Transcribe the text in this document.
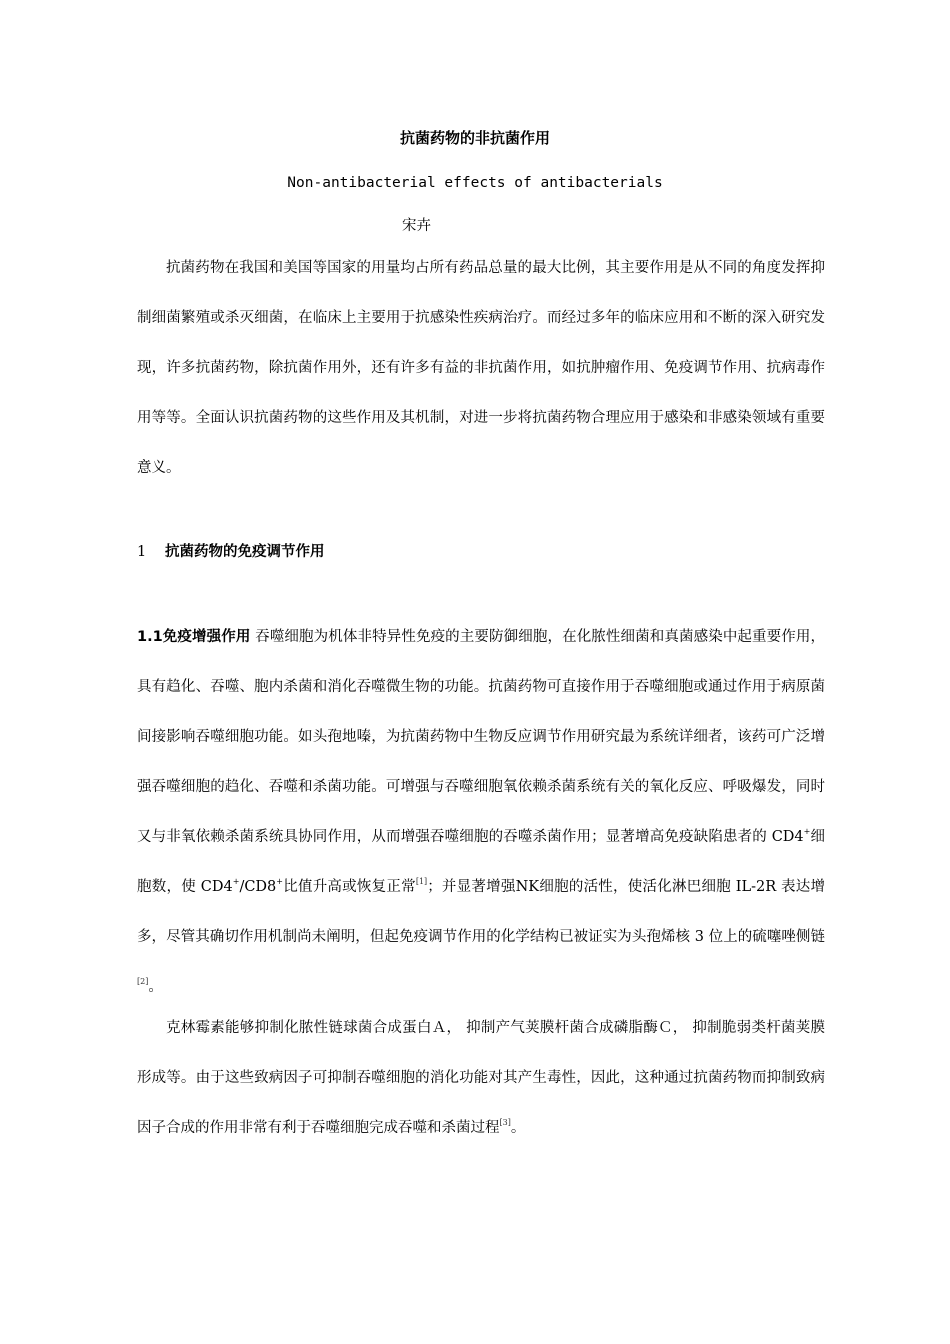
抗菌药物的非抗菌作用
Non-antibacterial effects of antibacterials
宋卉

抗菌药物在我国和美国等国家的用量均占所有药品总量的最大比例，其主要作用是从不同的角度发挥抑制细菌繁殖或杀灭细菌，在临床上主要用于抗感染性疾病治疗。而经过多年的临床应用和不断的深入研究发现，许多抗菌药物，除抗菌作用外，还有许多有益的非抗菌作用，如抗肿瘤作用、免疫调节作用、抗病毒作用等等。全面认识抗菌药物的这些作用及其机制，对进一步将抗菌药物合理应用于感染和非感染领域有重要意义。

1 抗菌药物的免疫调节作用

1.1免疫增强作用 吞噬细胞为机体非特异性免疫的主要防御细胞，在化脓性细菌和真菌感染中起重要作用，具有趋化、吞噬、胞内杀菌和消化吞噬微生物的功能。抗菌药物可直接作用于吞噬细胞或通过作用于病原菌间接影响吞噬细胞功能。如头孢地嗪，为抗菌药物中生物反应调节作用研究最为系统详细者，该药可广泛增强吞噬细胞的趋化、吞噬和杀菌功能。可增强与吞噬细胞氧依赖杀菌系统有关的氧化反应、呼吸爆发，同时又与非氧依赖杀菌系统具协同作用，从而增强吞噬细胞的吞噬杀菌作用；显著增高免疫缺陷患者的 CD4+细胞数，使 CD4+/CD8+比值升高或恢复正常[1]；并显著增强NK细胞的活性，使活化淋巴细胞 IL-2R 表达增多，尽管其确切作用机制尚未阐明，但起免疫调节作用的化学结构已被证实为头孢烯核 3 位上的硫噻唑侧链[2]。

克林霉素能够抑制化脓性链球菌合成蛋白Ａ， 抑制产气荚膜杆菌合成磷脂酶Ｃ， 抑制脆弱类杆菌荚膜形成等。由于这些致病因子可抑制吞噬细胞的消化功能对其产生毒性，因此，这种通过抗菌药物而抑制致病因子合成的作用非常有利于吞噬细胞完成吞噬和杀菌过程[3]。
